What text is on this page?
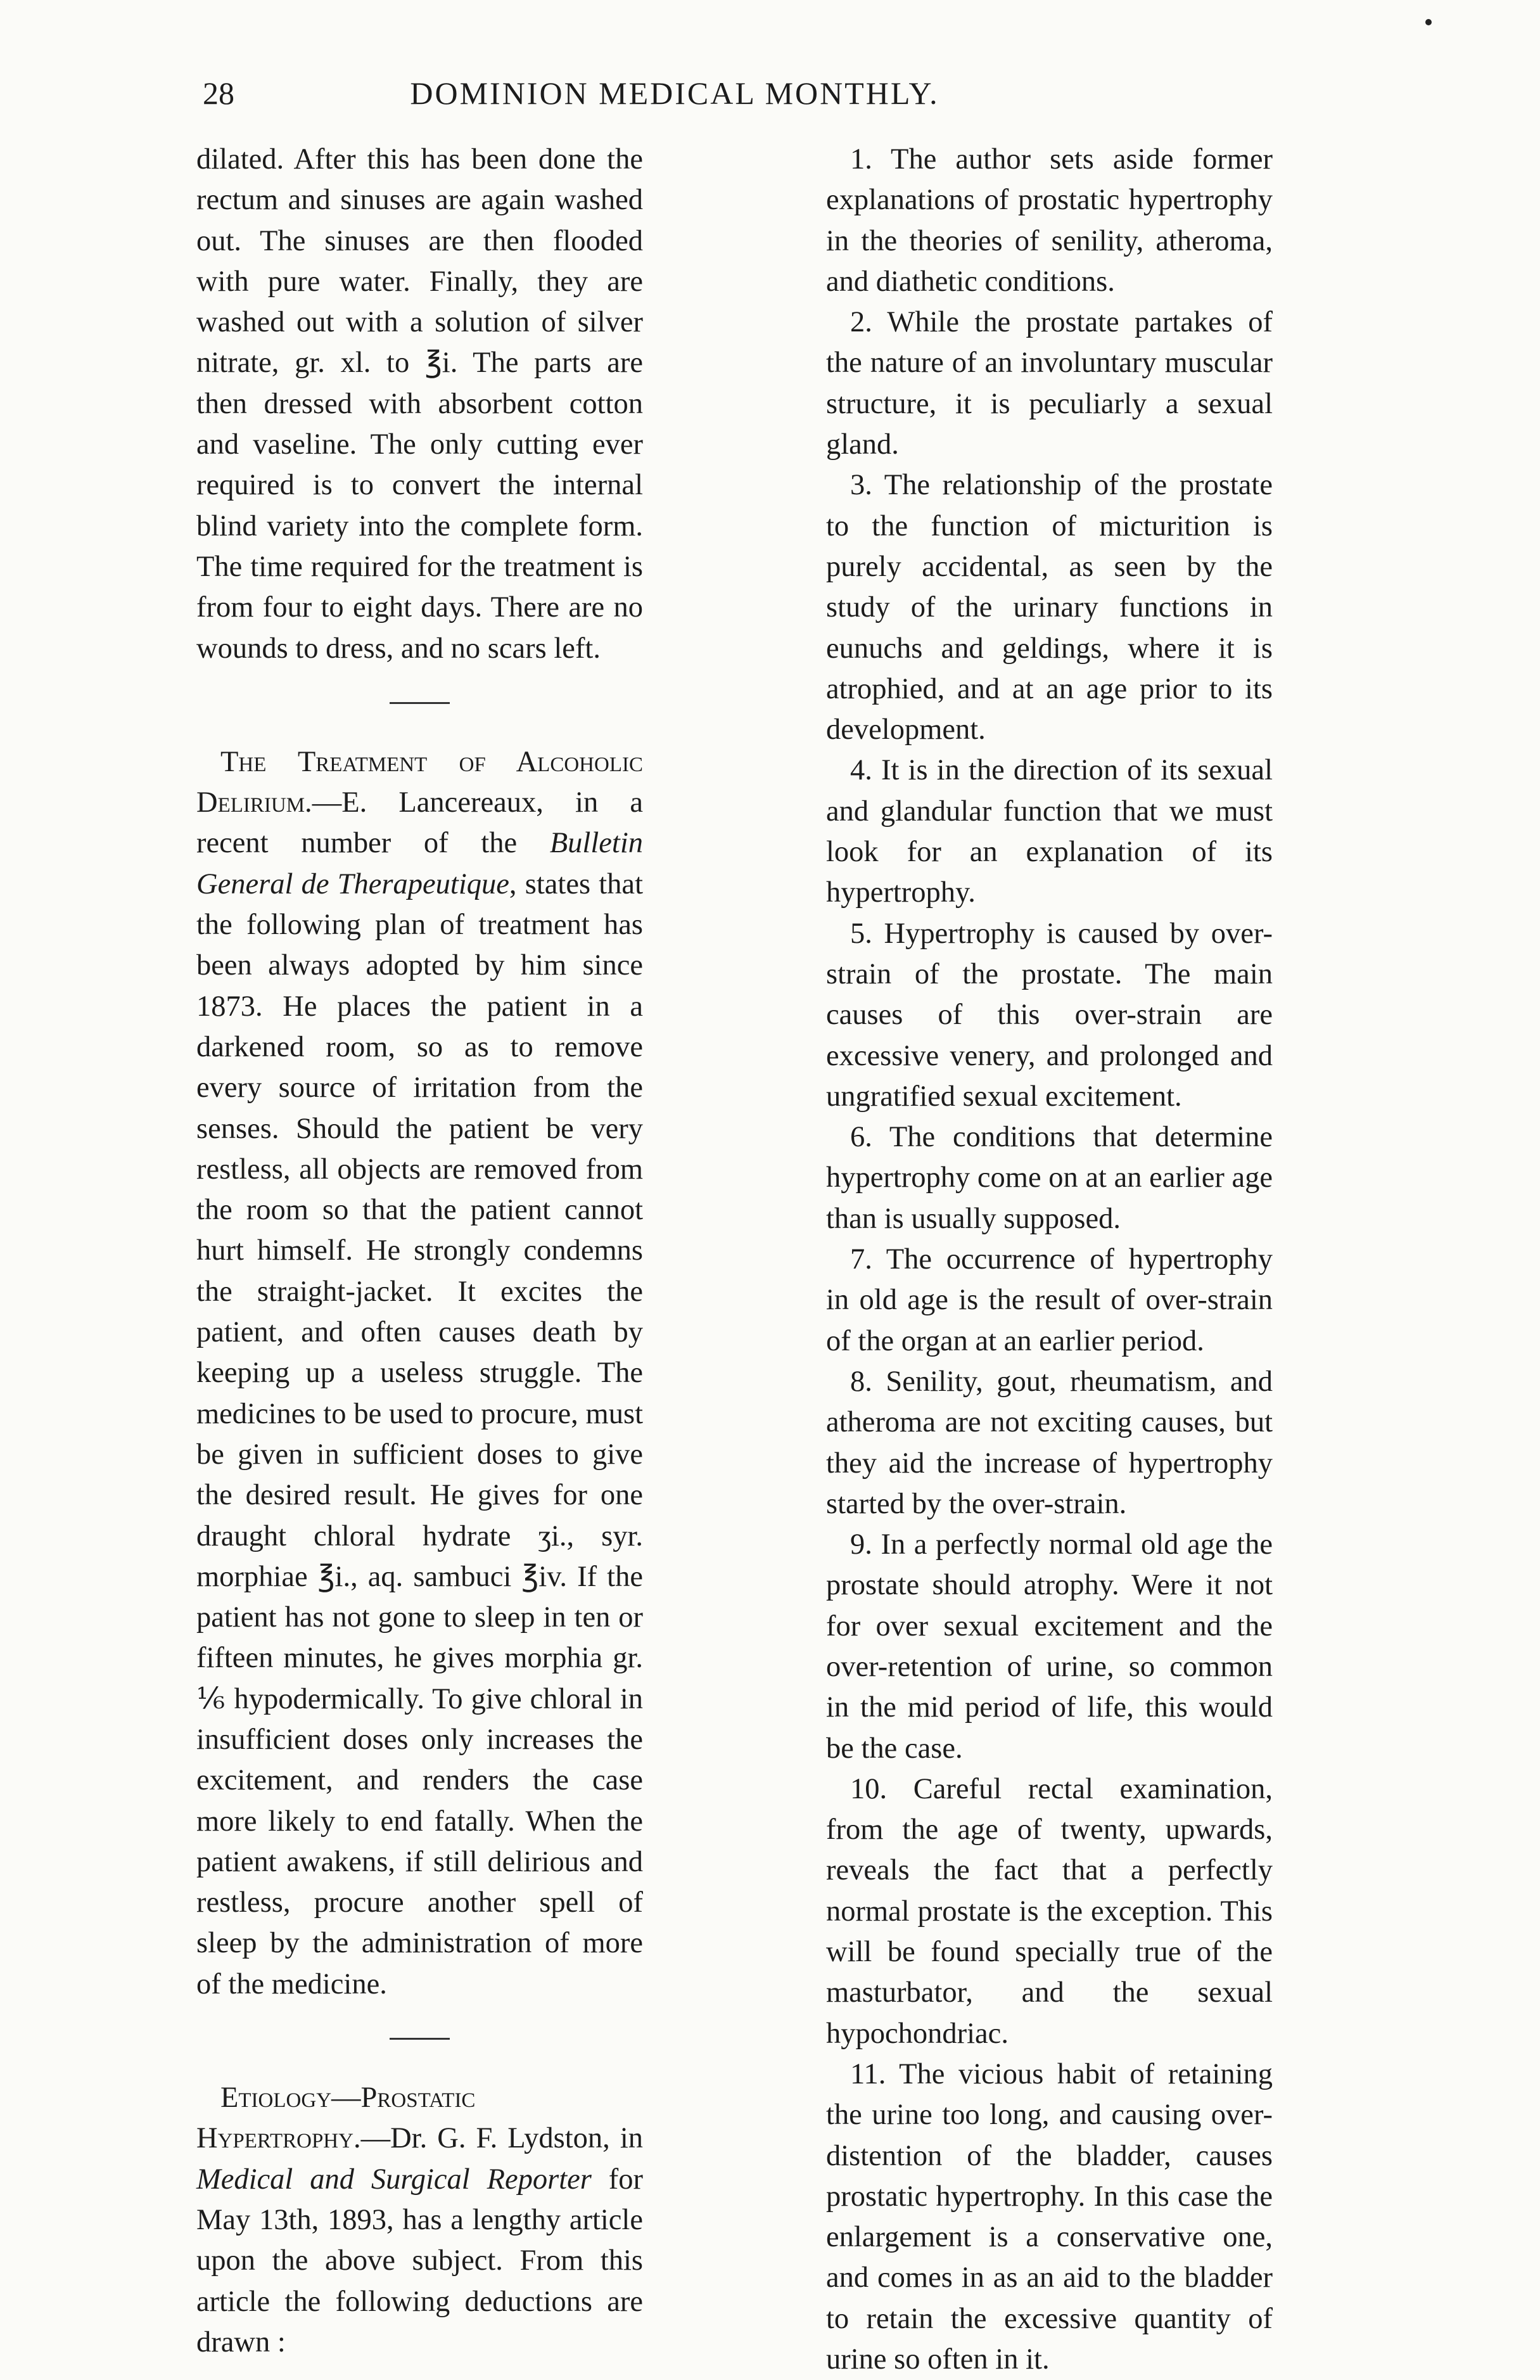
28	DOMINION MEDICAL MONTHLY.

dilated. After this has been done the rectum and sinuses are again washed out. The sinuses are then flooded with pure water. Finally, they are washed out with a solution of silver nitrate, gr. xl. to ℥i. The parts are then dressed with absorbent cotton and vaseline. The only cutting ever required is to convert the internal blind variety into the complete form. The time required for the treatment is from four to eight days. There are no wounds to dress, and no scars left.

The Treatment of Alcoholic Delirium.—E. Lancereaux, in a recent number of the Bulletin General de Therapeutique, states that the following plan of treatment has been always adopted by him since 1873. He places the patient in a darkened room, so as to remove every source of irritation from the senses. Should the patient be very restless, all objects are removed from the room so that the patient cannot hurt himself. He strongly condemns the straight-jacket. It excites the patient, and often causes death by keeping up a useless struggle. The medicines to be used to procure, must be given in sufficient doses to give the desired result. He gives for one draught chloral hydrate ʒi., syr. morphiae ℥i., aq. sambuci ℥iv. If the patient has not gone to sleep in ten or fifteen minutes, he gives morphia gr. ⅙ hypodermically. To give chloral in insufficient doses only increases the excitement, and renders the case more likely to end fatally. When the patient awakens, if still delirious and restless, procure another spell of sleep by the administration of more of the medicine.

Etiology—Prostatic Hypertrophy.—Dr. G. F. Lydston, in Medical and Surgical Reporter for May 13th, 1893, has a lengthy article upon the above subject. From this article the following deductions are drawn :

1. The author sets aside former explanations of prostatic hypertrophy in the theories of senility, atheroma, and diathetic conditions.

2. While the prostate partakes of the nature of an involuntary muscular structure, it is peculiarly a sexual gland.

3. The relationship of the prostate to the function of micturition is purely accidental, as seen by the study of the urinary functions in eunuchs and geldings, where it is atrophied, and at an age prior to its development.

4. It is in the direction of its sexual and glandular function that we must look for an explanation of its hypertrophy.

5. Hypertrophy is caused by over-strain of the prostate. The main causes of this over-strain are excessive venery, and prolonged and ungratified sexual excitement.

6. The conditions that determine hypertrophy come on at an earlier age than is usually supposed.

7. The occurrence of hypertrophy in old age is the result of over-strain of the organ at an earlier period.

8. Senility, gout, rheumatism, and atheroma are not exciting causes, but they aid the increase of hypertrophy started by the over-strain.

9. In a perfectly normal old age the prostate should atrophy. Were it not for over sexual excitement and the over-retention of urine, so common in the mid period of life, this would be the case.

10. Careful rectal examination, from the age of twenty, upwards, reveals the fact that a perfectly normal prostate is the exception. This will be found specially true of the masturbator, and the sexual hypochondriac.

11. The vicious habit of retaining the urine too long, and causing over-distention of the bladder, causes prostatic hypertrophy. In this case the enlargement is a conservative one, and comes in as an aid to the bladder to retain the excessive quantity of urine so often in it.
